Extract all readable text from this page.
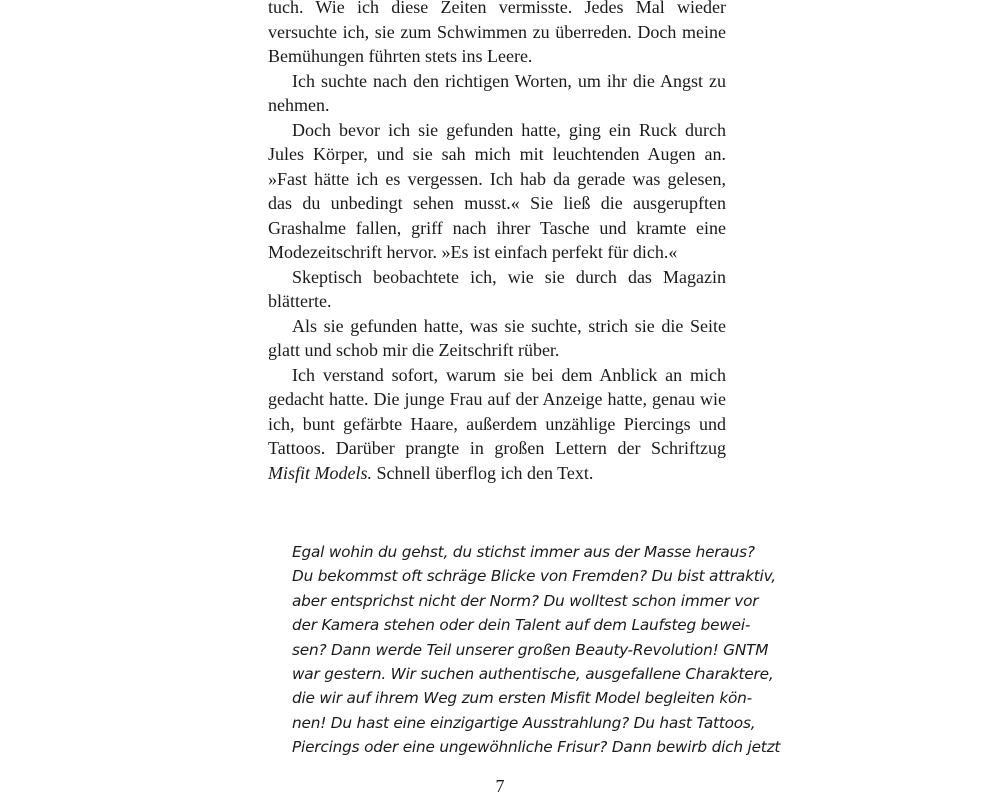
tuch. Wie ich diese Zeiten vermisste. Jedes Mal wieder versuchte ich, sie zum Schwimmen zu überreden. Doch meine Bemühungen führten stets ins Leere.

Ich suchte nach den richtigen Worten, um ihr die Angst zu nehmen.

Doch bevor ich sie gefunden hatte, ging ein Ruck durch Jules Körper, und sie sah mich mit leuchtenden Augen an. »Fast hätte ich es vergessen. Ich hab da gerade was gelesen, das du unbedingt sehen musst.« Sie ließ die ausgerupften Grashalme fallen, griff nach ihrer Tasche und kramte eine Modezeitschrift hervor. »Es ist einfach perfekt für dich.«

Skeptisch beobachtete ich, wie sie durch das Magazin blätterte.

Als sie gefunden hatte, was sie suchte, strich sie die Seite glatt und schob mir die Zeitschrift rüber.

Ich verstand sofort, warum sie bei dem Anblick an mich gedacht hatte. Die junge Frau auf der Anzeige hatte, genau wie ich, bunt gefärbte Haare, außerdem unzählige Piercings und Tattoos. Darüber prangte in großen Lettern der Schriftzug Misfit Models. Schnell überflog ich den Text.

Egal wohin du gehst, du stichst immer aus der Masse heraus?
Du bekommst oft schräge Blicke von Fremden? Du bist attraktiv,
aber entsprichst nicht der Norm? Du wolltest schon immer vor
der Kamera stehen oder dein Talent auf dem Laufsteg bewei-
sen? Dann werde Teil unserer großen Beauty-Revolution! GNTM
war gestern. Wir suchen authentische, ausgefallene Charaktere,
die wir auf ihrem Weg zum ersten Misfit Model begleiten kön-
nen! Du hast eine einzigartige Ausstrahlung? Du hast Tattoos,
Piercings oder eine ungewöhnliche Frisur? Dann bewirb dich jetzt
7
